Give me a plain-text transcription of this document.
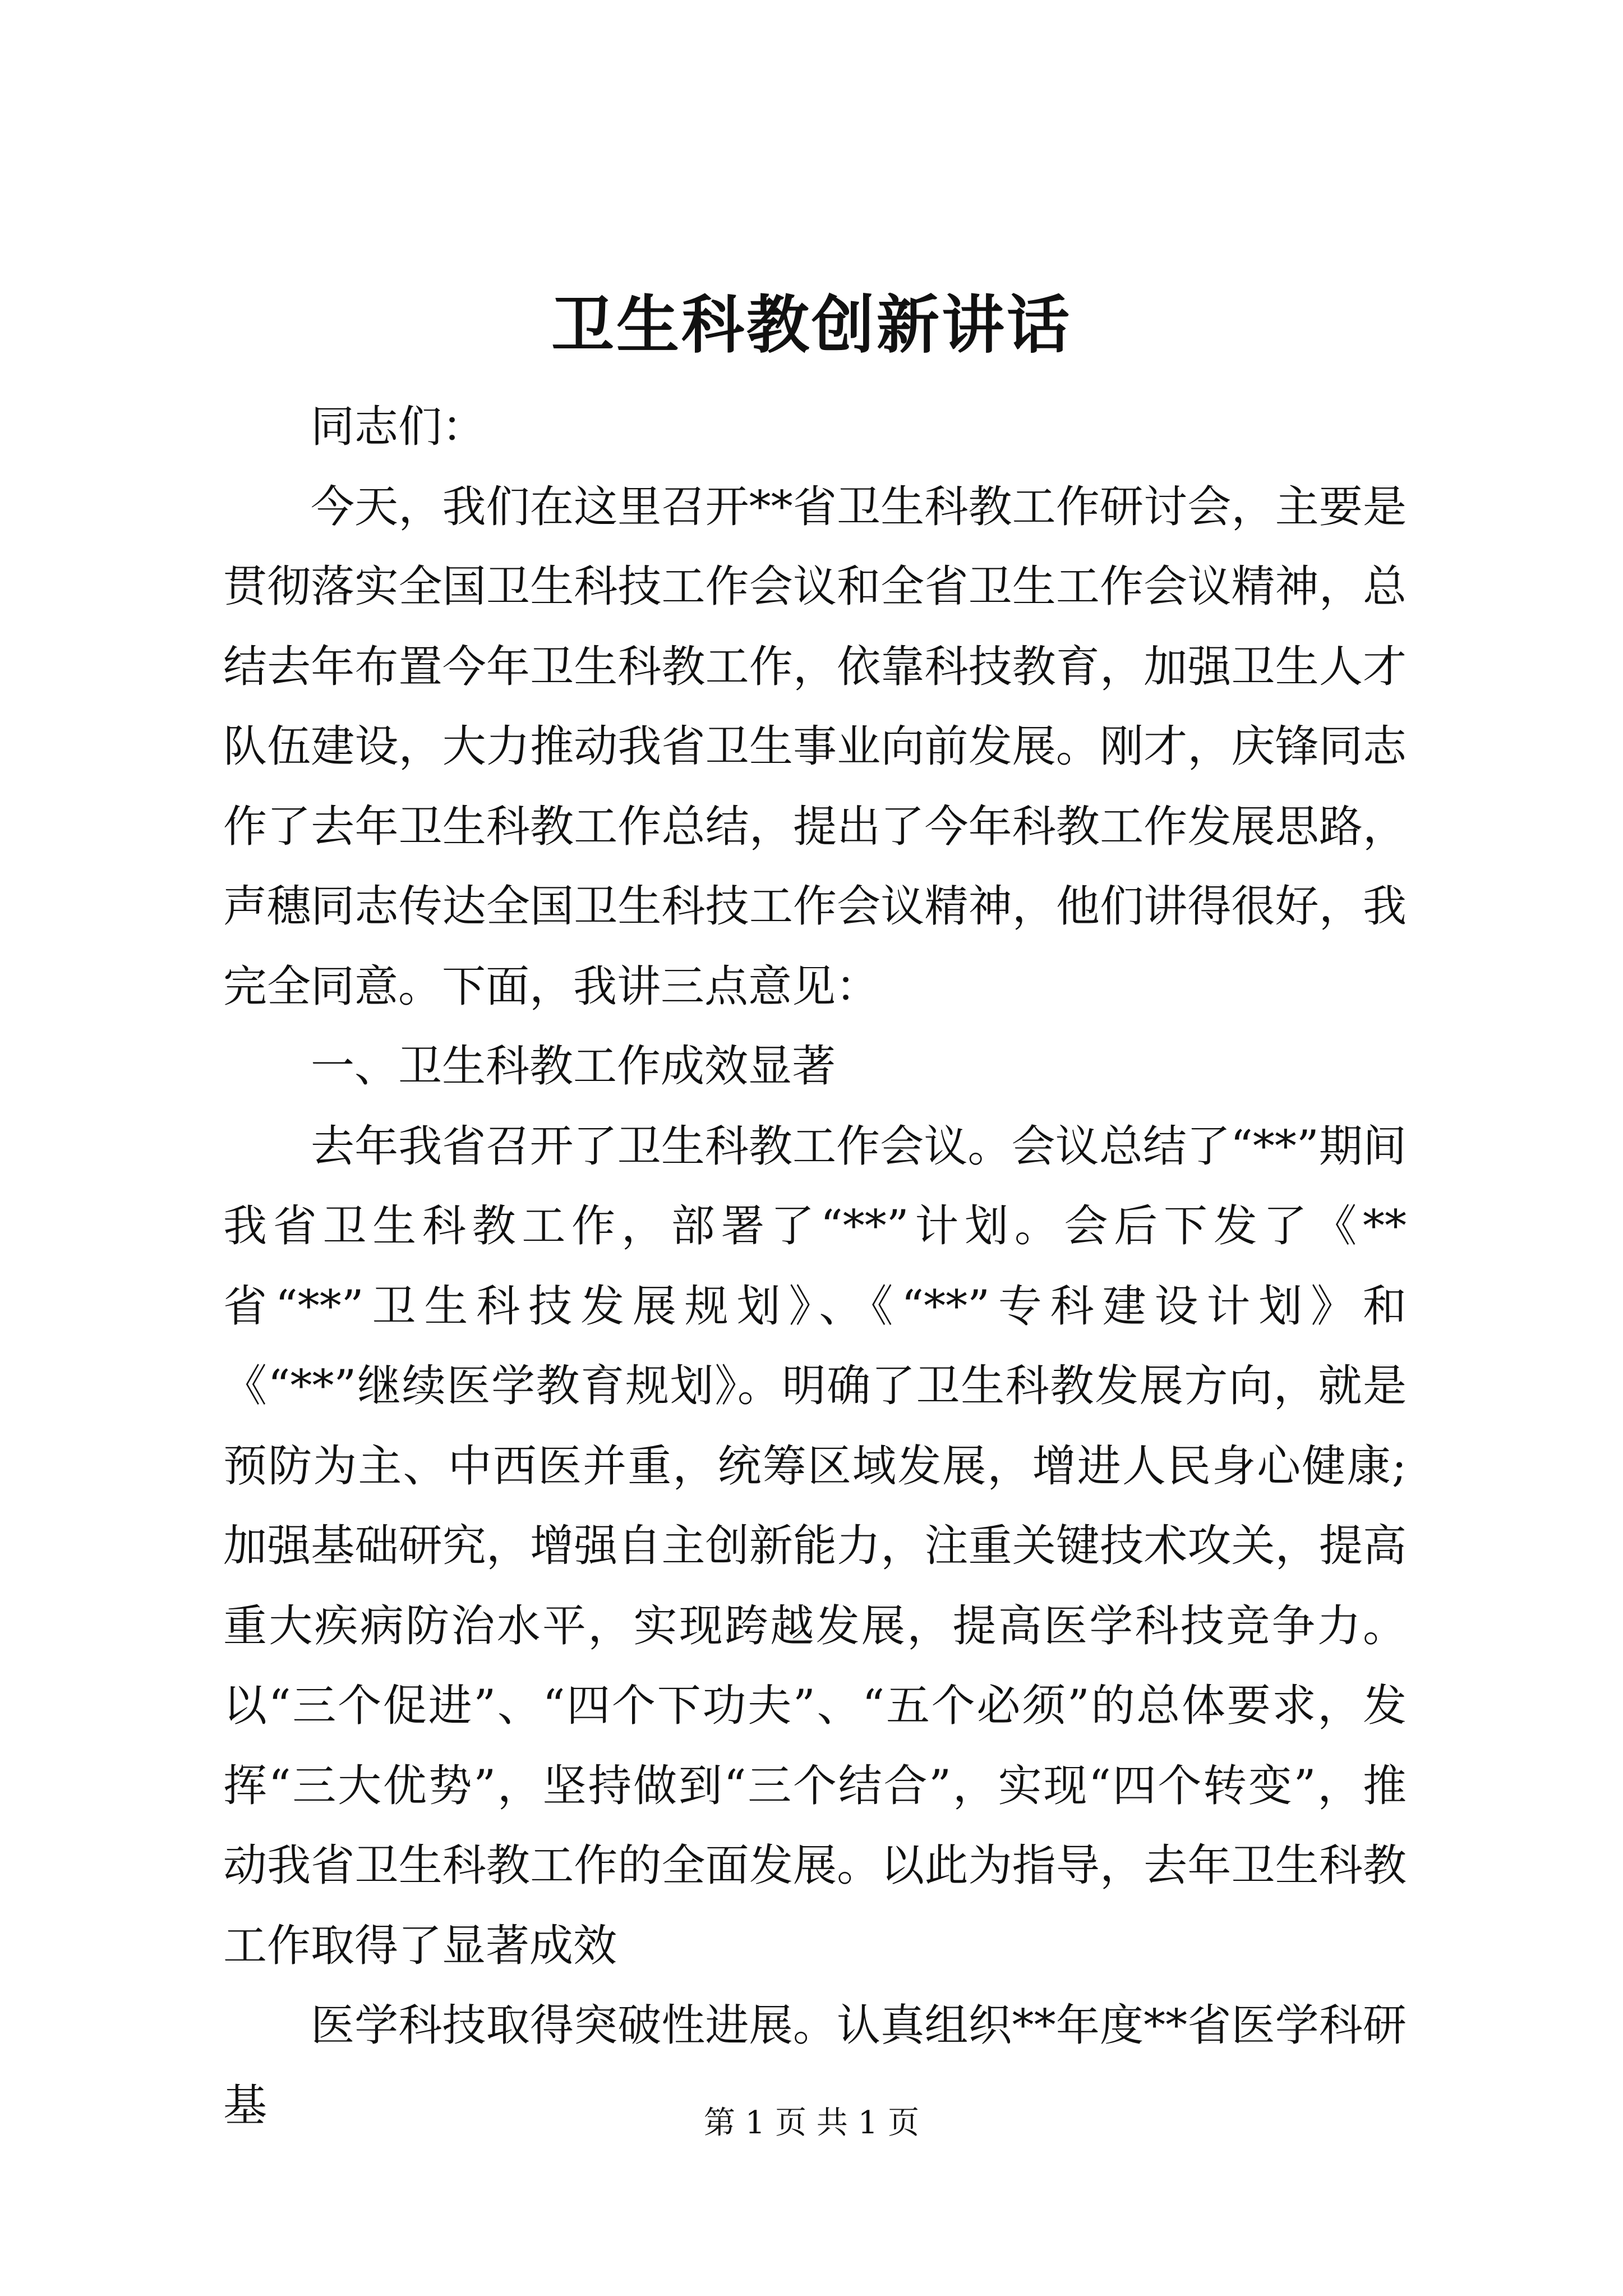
卫生科教创新讲话

同志们：

今天，我们在这里召开**省卫生科教工作研讨会，主要是贯彻落实全国卫生科技工作会议和全省卫生工作会议精神，总结去年布置今年卫生科教工作，依靠科技教育，加强卫生人才队伍建设，大力推动我省卫生事业向前发展。刚才，庆锋同志作了去年卫生科教工作总结，提出了今年科教工作发展思路，声穗同志传达全国卫生科技工作会议精神，他们讲得很好，我完全同意。下面，我讲三点意见：

一、卫生科教工作成效显著

去年我省召开了卫生科教工作会议。会议总结了“**”期间我省卫生科教工作，部署了“**”计划。会后下发了《**省“**”卫生科技发展规划》、《“**”专科建设计划》和《“**”继续医学教育规划》。明确了卫生科教发展方向，就是预防为主、中西医并重，统筹区域发展，增进人民身心健康;加强基础研究，增强自主创新能力，注重关键技术攻关，提高重大疾病防治水平，实现跨越发展，提高医学科技竞争力。以“三个促进”、“四个下功夫”、“五个必须”的总体要求，发挥“三大优势”，坚持做到“三个结合”，实现“四个转变”，推动我省卫生科教工作的全面发展。以此为指导，去年卫生科教工作取得了显著成效

医学科技取得突破性进展。认真组织**年度**省医学科研基	第 1 页 共 1 页
